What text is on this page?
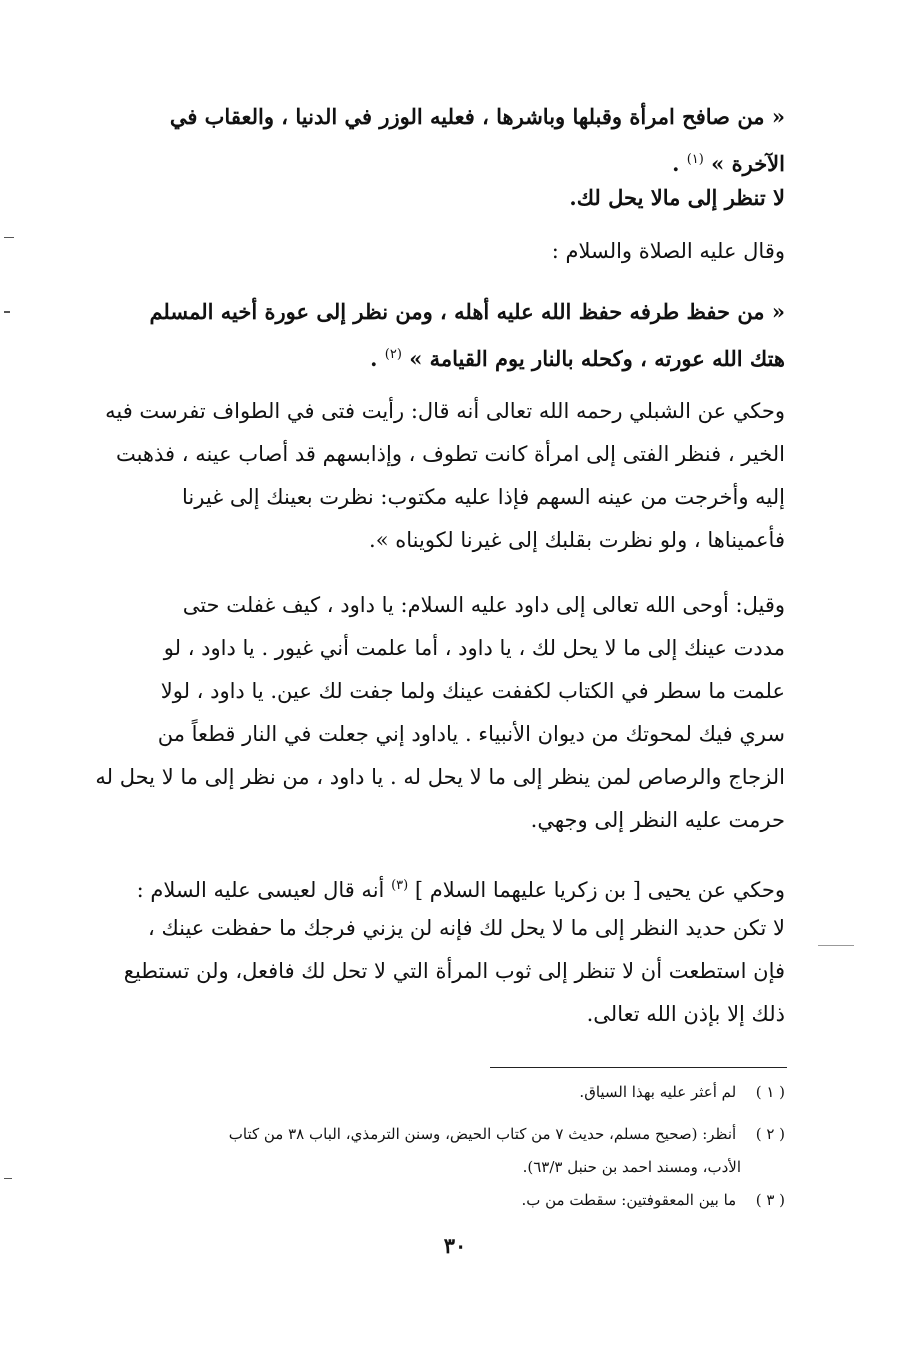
« من صافح امرأة وقبلها وباشرها ، فعليه الوزر في الدنيا ، والعقاب في
الآخرة » $^{(١)}$ .
لا تنظر إلى مالا يحل لك.
وقال عليه الصلاة والسلام :
« من حفظ طرفه حفظ الله عليه أهله ، ومن نظر إلى عورة أخيه المسلم
هتك الله عورته ، وكحله بالنار يوم القيامة » $^{(٢)}$ .
وحكي عن الشبلي رحمه الله تعالى أنه قال: رأيت فتى في الطواف تفرست فيه
الخير ، فنظر الفتى إلى امرأة كانت تطوف ، وإذابسهم قد أصاب عينه ، فذهبت
إليه وأخرجت من عينه السهم فإذا عليه مكتوب: نظرت بعينك إلى غيرنا
فأعميناها ، ولو نظرت بقلبك إلى غيرنا لكويناه ».
وقيل: أوحى الله تعالى إلى داود عليه السلام: يا داود ، كيف غفلت حتى
مددت عينك إلى ما لا يحل لك ، يا داود ، أما علمت أني غيور . يا داود ، لو
علمت ما سطر في الكتاب لكففت عينك ولما جفت لك عين. يا داود ، لولا
سري فيك لمحوتك من ديوان الأنبياء . ياداود إني جعلت في النار قطعاً من
الزجاج والرصاص لمن ينظر إلى ما لا يحل له . يا داود ، من نظر إلى ما لا يحل له
حرمت عليه النظر إلى وجهي.
وحكي عن يحيى [ بن زكريا عليهما السلام ] $^{(٣)}$ أنه قال لعيسى عليه السلام :
لا تكن حديد النظر إلى ما لا يحل لك فإنه لن يزني فرجك ما حفظت عينك ،
فإن استطعت أن لا تنظر إلى ثوب المرأة التي لا تحل لك فافعل، ولن تستطيع
ذلك إلا بإذن الله تعالى.
( ١ ) لم أعثر عليه بهذا السياق.
( ٢ ) أنظر: (صحيح مسلم، حديث ٧ من كتاب الحيض، وسنن الترمذي، الباب ٣٨ من كتاب
الأدب، ومسند احمد بن حنبل ٦٣/٣).
( ٣ ) ما بين المعقوفتين: سقطت من ب.
٣٠
